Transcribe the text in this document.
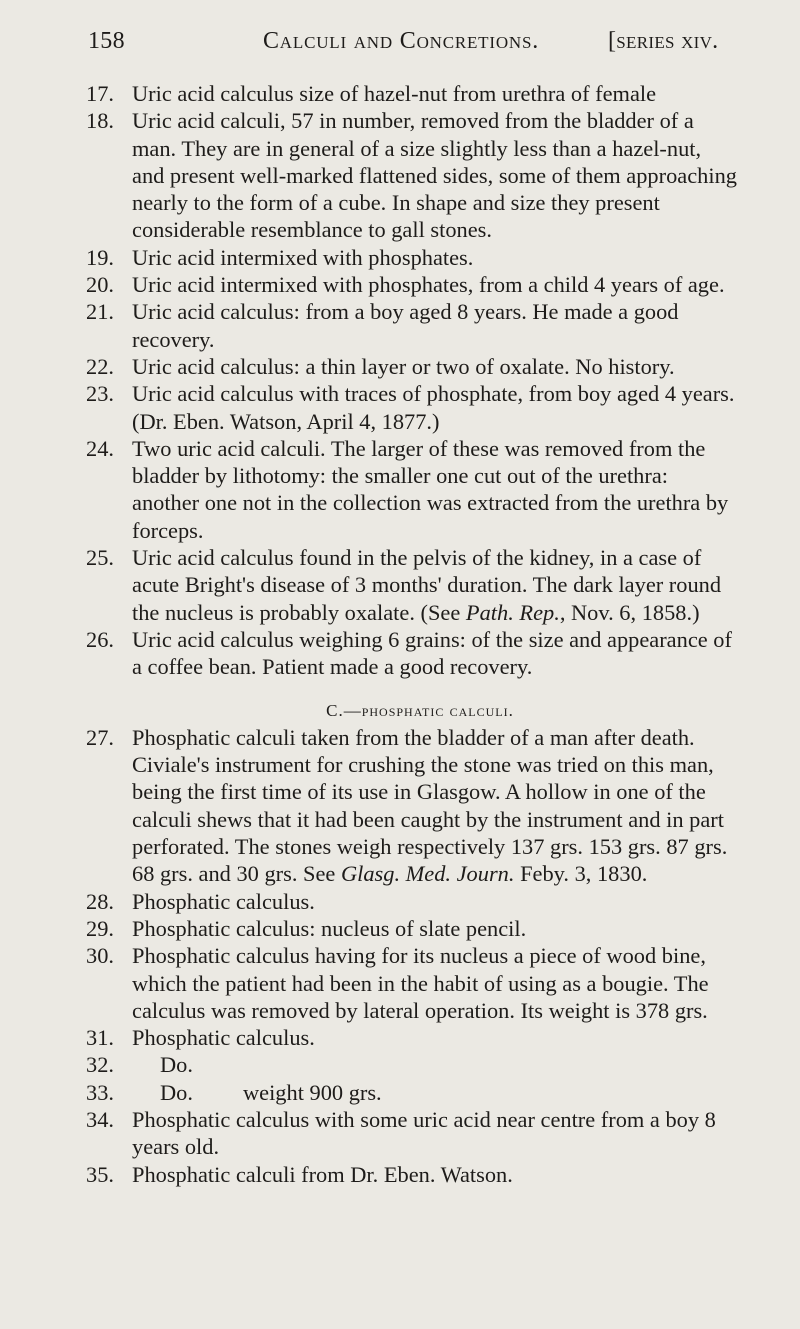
158	Calculi and Concretions.	[series xiv.
17. Uric acid calculus size of hazel-nut from urethra of female
18. Uric acid calculi, 57 in number, removed from the bladder of a man. They are in general of a size slightly less than a hazel-nut, and present well-marked flattened sides, some of them approaching nearly to the form of a cube. In shape and size they present considerable resemblance to gall stones.
19. Uric acid intermixed with phosphates.
20. Uric acid intermixed with phosphates, from a child 4 years of age.
21. Uric acid calculus: from a boy aged 8 years. He made a good recovery.
22. Uric acid calculus: a thin layer or two of oxalate. No history.
23. Uric acid calculus with traces of phosphate, from boy aged 4 years. (Dr. Eben. Watson, April 4, 1877.)
24. Two uric acid calculi. The larger of these was removed from the bladder by lithotomy: the smaller one cut out of the urethra: another one not in the collection was extracted from the urethra by forceps.
25. Uric acid calculus found in the pelvis of the kidney, in a case of acute Bright's disease of 3 months' duration. The dark layer round the nucleus is probably oxalate. (See Path. Rep., Nov. 6, 1858.)
26. Uric acid calculus weighing 6 grains: of the size and appearance of a coffee bean. Patient made a good recovery.
C.—phosphatic calculi.
27. Phosphatic calculi taken from the bladder of a man after death. Civiale's instrument for crushing the stone was tried on this man, being the first time of its use in Glasgow. A hollow in one of the calculi shews that it had been caught by the instrument and in part perforated. The stones weigh respectively 137 grs. 153 grs. 87 grs. 68 grs. and 30 grs. See Glasg. Med. Journ. Feby. 3, 1830.
28. Phosphatic calculus.
29. Phosphatic calculus: nucleus of slate pencil.
30. Phosphatic calculus having for its nucleus a piece of wood bine, which the patient had been in the habit of using as a bougie. The calculus was removed by lateral operation. Its weight is 378 grs.
31. Phosphatic calculus.
32.	Do.
33.	Do. weight 900 grs.
34. Phosphatic calculus with some uric acid near centre from a boy 8 years old.
35. Phosphatic calculi from Dr. Eben. Watson.
